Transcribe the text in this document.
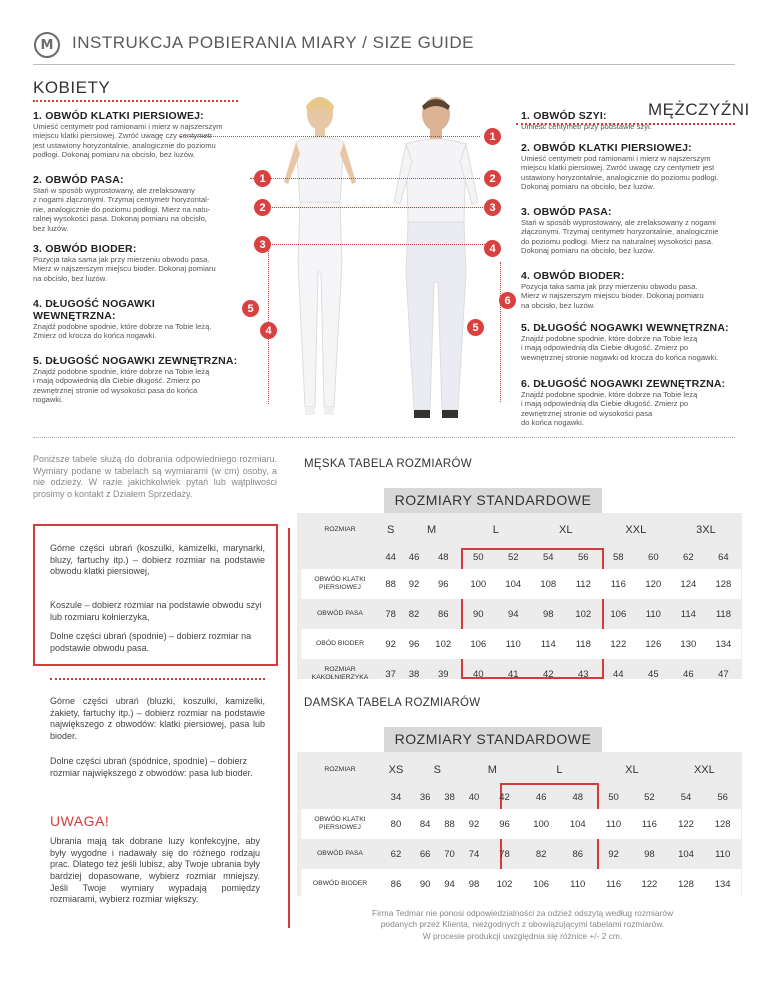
M INSTRUKCJA POBIERANIA MIARY / SIZE GUIDE
KOBIETY
MĘŻCZYŹNI
1. OBWÓD KLATKI PIERSIOWEJ:
Umieść centymetr pod ramionami i mierz w najszerszym
miejscu klatki piersiowej. Zwróć uwagę czy centymetr
jest ustawiony horyzontalnie, analogicznie do poziomu
podłogi. Dokonaj pomiaru na obcisło, bez luzów.
2. OBWÓD PASA:
Stań w sposób wyprostowany, ale zrelaksowany
z nogami złączonymi. Trzymaj centymetr horyzontal-
nie, analogicznie do poziomu podłogi. Mierz na natu-
ralnej wysokości pasa. Dokonaj pomiaru na obcisło,
bez luzów.
3. OBWÓD BIODER:
Pozycja taka sama jak przy mierzeniu obwodu pasa.
Mierz w najszerszym miejscu bioder. Dokonaj pomiaru
na obcisło, bez luzów.
4. DŁUGOŚĆ NOGAWKI
WEWNĘTRZNA:
Znajdź podobne spodnie, które dobrze na Tobie leżą.
Zmierz od krocza do końca nogawki.
5. DŁUGOŚĆ NOGAWKI ZEWNĘTRZNA:
Znajdź podobne spodnie, które dobrze na Tobie leżą
i mają odpowiednią dla Ciebie długość. Zmierz po
zewnętrznej stronie od wysokości pasa do końca
nogawki.
1. OBWÓD SZYI:
Umieść centymetr przy podstawie szyi.
2. OBWÓD KLATKI PIERSIOWEJ:
Umieść centymetr pod ramionami i mierz w najszerszym
miejscu klatki piersiowej. Zwróć uwagę czy centymetr jest
ustawiony horyzontalnie, analogicznie do poziomu podłogi.
Dokonaj pomiaru na obcisło, bez luzów.
3. OBWÓD PASA:
Stań w sposób wyprostowany, ale zrelaksowany z nogami
złączonymi. Trzymaj centymetr horyzontalnie, analogicznie
do poziomu podłogi. Mierz na naturalnej wysokości pasa.
Dokonaj pomiaru na obcisło, bez luzów.
4. OBWÓD BIODER:
Pozycja taka sama jak przy mierzeniu obwodu pasa.
Mierz w najszerszym miejscu bioder. Dokonaj pomiaru
na obcisło, bez luzów.
5. DŁUGOŚĆ NOGAWKI WEWNĘTRZNA:
Znajdź podobne spodnie, które dobrze na Tobie leżą
i mają odpowiednią dla Ciebie długość. Zmierz po
wewnętrznej stronie nogawki od krocza do końca nogawki.
6. DŁUGOŚĆ NOGAWKI ZEWNĘTRZNA:
Znajdź podobne spodnie, które dobrze na Tobie leżą
i mają odpowiednią dla Ciebie długość. Zmierz po
zewnętrznej stronie od wysokości pasa
do końca nogawki.
1
1	2
2	3
3	4
5
6
4	5
Poniższe tabele służą do dobrania odpowiedniego rozmiaru. Wymiary podane w tabelach są wymiarami (w cm) osoby, a nie odzieży. W razie jakichkolwiek pytań lub wątpliwości prosimy o kontakt z Działem Sprzedaży.
Górne części ubrań (koszulki, kamizelki, marynarki, bluzy, fartuchy itp.) – dobierz rozmiar na podstawie obwodu klatki piersiowej,
Koszule – dobierz rozmiar na podstawie obwodu szyi lub rozmiaru kołnierzyka,
Dolne części ubrań (spodnie) – dobierz rozmiar na podstawie obwodu pasa.
Górne części ubrań (bluzki, koszulki, kamizelki, żakiety, fartuchy itp.) – dobierz rozmiar na podstawie największego z obwodów: klatki piersiowej, pasa lub bioder.
Dolne części ubrań (spódnice, spodnie) – dobierz rozmiar największego z obwodów: pasa lub bioder.
UWAGA!
Ubrania mają tak dobrane luzy konfekcyjne, aby były wygodne i nadawały się do różnego rodzaju prac. Dlatego też jeśli lubisz, aby Twoje ubrania były bardziej dopasowane, wybierz rozmiar mniejszy. Jeśli Twoje wymiary wypadają pomiędzy rozmiarami, wybierz rozmiar większy.
MĘSKA TABELA ROZMIARÓW
ROZMIARY STANDARDOWE
ROZMIAR	S	M		L		XL		XXL		3XL	
	44	46	48	50	52	54	56	58	60	62	64
OBWÓD KLATKI PIERSIOWEJ	88	92	96	100	104	108	112	116	120	124	128
OBWÓD PASA	78	82	86	90	94	98	102	106	110	114	118
OBÓD BIODER	92	96	102	106	110	114	118	122	126	130	134
ROZMIAR KAKOŁNIERZYKA	37	38	39	40	41	42	43	44	45	46	47
DAMSKA TABELA ROZMIARÓW
ROZMIARY STANDARDOWE
ROZMIAR	XS	S		M		L		XL		XXL	
	34	36	38	40	42	46	48	50	52	54	56
OBWÓD KLATKI PIERSIOWEJ	80	84	88	92	96	100	104	110	116	122	128
OBWÓD PASA	62	66	70	74	78	82	86	92	98	104	110
OBWÓD BIODER	86	90	94	98	102	106	110	116	122	128	134
Firma Tedmar nie ponosi odpowiedzialności za odzież odszytą według rozmiarów
podanych przez Klienta, niezgodnych z obowiązującymi tabelami rozmiarów.
W procesie produkcji uwzględnia się różnice +/- 2 cm.
